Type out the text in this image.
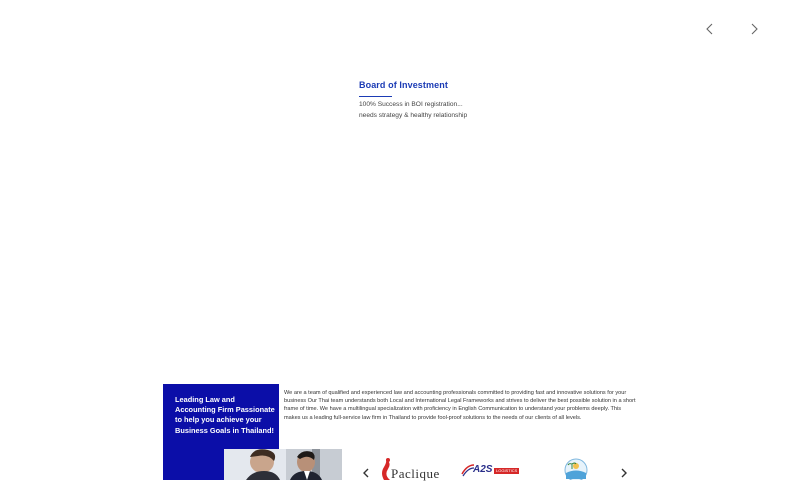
Board of Investment

100% Success in BOI registration...

needs strategy & healthy relationship

Leading Law and Accounting Firm Passionate to help you achieve your Business Goals in Thailand!

We are a team of qualified and experienced law and accounting professionals committed to providing fast and innovative solutions for your business Our Thai team understands both Local and International Legal Frameworks and strives to deliver the best possible solution in a short frame of time. We have a multilingual specialization with proficiency in English Communication to understand your problems deeply. This makes us a leading full-service law firm in Thailand to provide fool-proof solutions to the needs of our clients of all levels.

Paclique	A2S LOGISTICS
